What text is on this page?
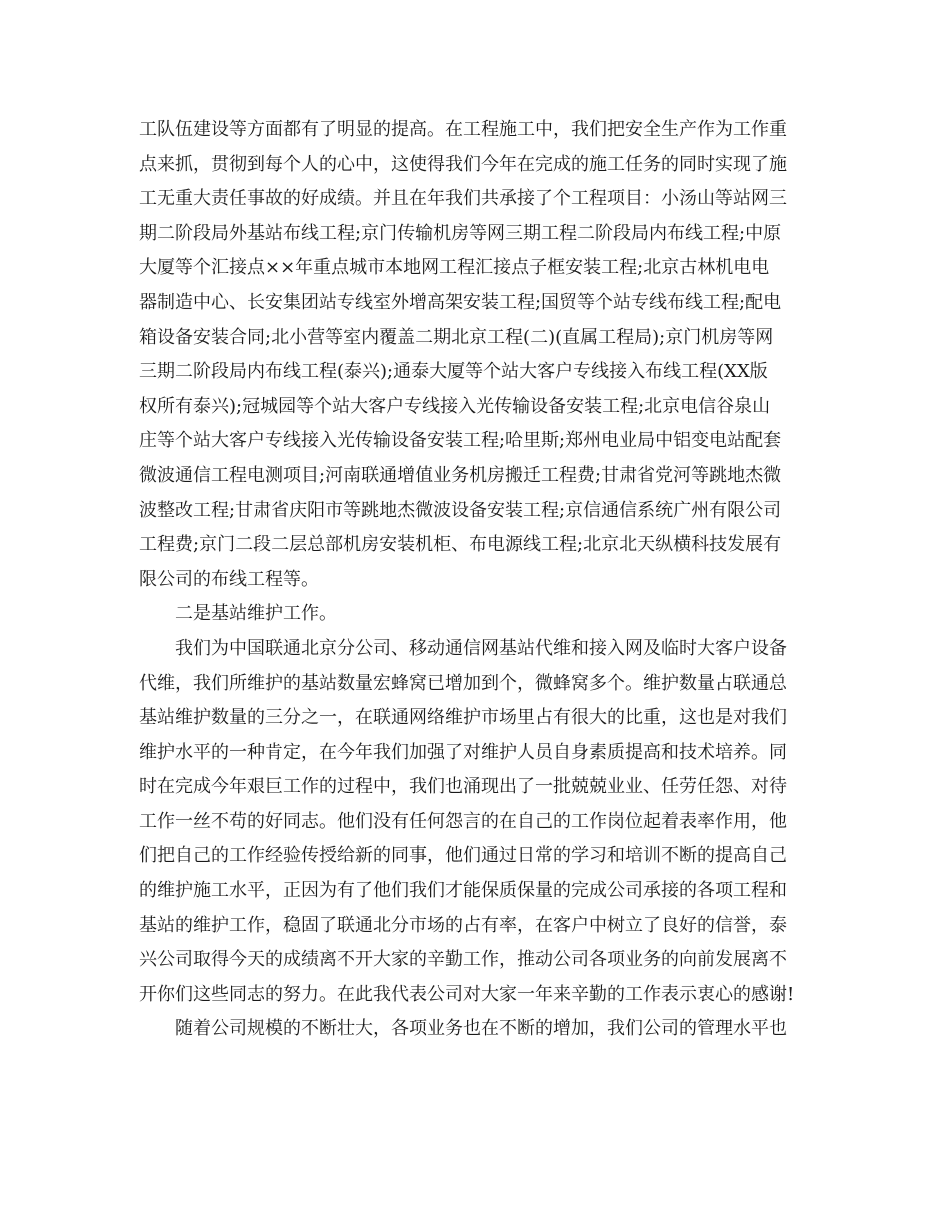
工队伍建设等方面都有了明显的提高。在工程施工中，我们把安全生产作为工作重
点来抓，贯彻到每个人的心中，这使得我们今年在完成的施工任务的同时实现了施
工无重大责任事故的好成绩。并且在年我们共承接了个工程项目：小汤山等站网三
期二阶段局外基站布线工程;京门传输机房等网三期工程二阶段局内布线工程;中原
大厦等个汇接点××年重点城市本地网工程汇接点子框安装工程;北京古林机电电
器制造中心、长安集团站专线室外增高架安装工程;国贸等个站专线布线工程;配电
箱设备安装合同;北小营等室内覆盖二期北京工程(二)(直属工程局);京门机房等网
三期二阶段局内布线工程(泰兴);通泰大厦等个站大客户专线接入布线工程(XX版
权所有泰兴);冠城园等个站大客户专线接入光传输设备安装工程;北京电信谷泉山
庄等个站大客户专线接入光传输设备安装工程;哈里斯;郑州电业局中铝变电站配套
微波通信工程电测项目;河南联通增值业务机房搬迁工程费;甘肃省党河等跳地杰微
波整改工程;甘肃省庆阳市等跳地杰微波设备安装工程;京信通信系统广州有限公司
工程费;京门二段二层总部机房安装机柜、布电源线工程;北京北天纵横科技发展有
限公司的布线工程等。
二是基站维护工作。
我们为中国联通北京分公司、移动通信网基站代维和接入网及临时大客户设备
代维，我们所维护的基站数量宏蜂窝已增加到个，微蜂窝多个。维护数量占联通总
基站维护数量的三分之一，在联通网络维护市场里占有很大的比重，这也是对我们
维护水平的一种肯定，在今年我们加强了对维护人员自身素质提高和技术培养。同
时在完成今年艰巨工作的过程中，我们也涌现出了一批兢兢业业、任劳任怨、对待
工作一丝不苟的好同志。他们没有任何怨言的在自己的工作岗位起着表率作用，他
们把自己的工作经验传授给新的同事，他们通过日常的学习和培训不断的提高自己
的维护施工水平，正因为有了他们我们才能保质保量的完成公司承接的各项工程和
基站的维护工作，稳固了联通北分市场的占有率，在客户中树立了良好的信誉，泰
兴公司取得今天的成绩离不开大家的辛勤工作，推动公司各项业务的向前发展离不
开你们这些同志的努力。在此我代表公司对大家一年来辛勤的工作表示衷心的感谢!
随着公司规模的不断壮大，各项业务也在不断的增加，我们公司的管理水平也
